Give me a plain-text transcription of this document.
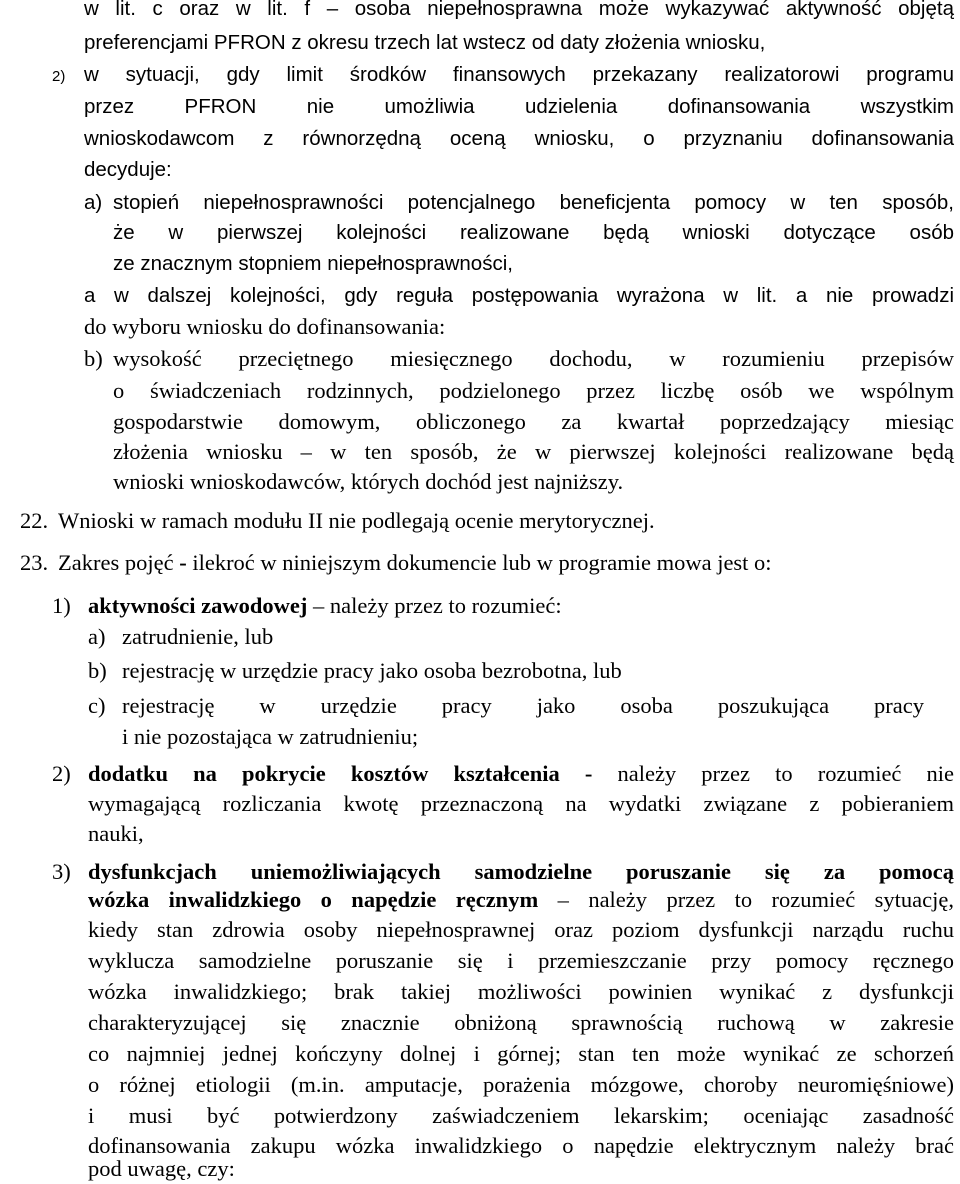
w lit. c oraz w lit. f – osoba niepełnosprawna może wykazywać aktywność objętą
preferencjami PFRON z okresu trzech lat wstecz od daty złożenia wniosku,
2) w sytuacji, gdy limit środków finansowych przekazany realizatorowi programu
przez PFRON nie umożliwia udzielenia dofinansowania wszystkim
wnioskodawcom z równorzędną oceną wniosku, o przyznaniu dofinansowania
decyduje:
a) stopień niepełnosprawności potencjalnego beneficjenta pomocy w ten sposób,
że w pierwszej kolejności realizowane będą wnioski dotyczące osób
ze znacznym stopniem niepełnosprawności,
a w dalszej kolejności, gdy reguła postępowania wyrażona w lit. a nie prowadzi
do wyboru wniosku do dofinansowania:
b) wysokość przeciętnego miesięcznego dochodu, w rozumieniu przepisów
o świadczeniach rodzinnych, podzielonego przez liczbę osób we wspólnym
gospodarstwie domowym, obliczonego za kwartał poprzedzający miesiąc
złożenia wniosku – w ten sposób, że w pierwszej kolejności realizowane będą
wnioski wnioskodawców, których dochód jest najniższy.
22. Wnioski w ramach modułu II nie podlegają ocenie merytorycznej.
23. Zakres pojęć - ilekroć w niniejszym dokumencie lub w programie mowa jest o:
1) aktywności zawodowej – należy przez to rozumieć:
a) zatrudnienie, lub
b) rejestrację w urzędzie pracy jako osoba bezrobotna, lub
c) rejestrację w urzędzie pracy jako osoba poszukująca pracy
i nie pozostająca w zatrudnieniu;
2) dodatku na pokrycie kosztów kształcenia - należy przez to rozumieć nie
wymagającą rozliczania kwotę przeznaczoną na wydatki związane z pobieraniem
nauki,
3) dysfunkcjach uniemożliwiających samodzielne poruszanie się za pomocą
wózka inwalidzkiego o napędzie ręcznym – należy przez to rozumieć sytuację,
kiedy stan zdrowia osoby niepełnosprawnej oraz poziom dysfunkcji narządu ruchu
wyklucza samodzielne poruszanie się i przemieszczanie przy pomocy ręcznego
wózka inwalidzkiego; brak takiej możliwości powinien wynikać z dysfunkcji
charakteryzującej się znacznie obniżoną sprawnością ruchową w zakresie
co najmniej jednej kończyny dolnej i górnej; stan ten może wynikać ze schorzeń
o różnej etiologii (m.in. amputacje, porażenia mózgowe, choroby neuromięśniowe)
i musi być potwierdzony zaświadczeniem lekarskim; oceniając zasadność
dofinansowania zakupu wózka inwalidzkiego o napędzie elektrycznym należy brać
pod uwagę, czy:
